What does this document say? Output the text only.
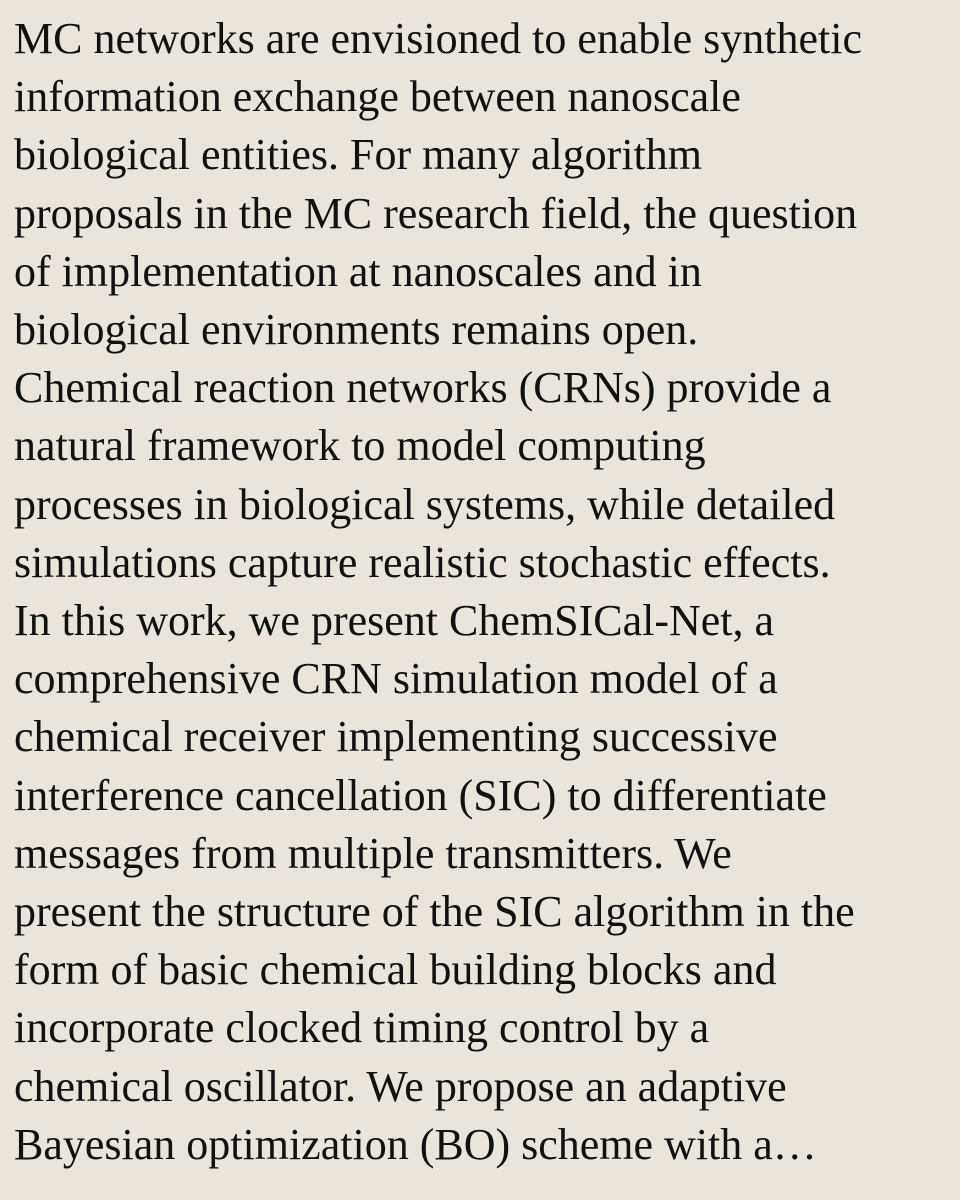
MC networks are envisioned to enable synthetic
information exchange between nanoscale
biological entities. For many algorithm
proposals in the MC research field, the question
of implementation at nanoscales and in
biological environments remains open.
Chemical reaction networks (CRNs) provide a
natural framework to model computing
processes in biological systems, while detailed
simulations capture realistic stochastic effects.
In this work, we present ChemSICal-Net, a
comprehensive CRN simulation model of a
chemical receiver implementing successive
interference cancellation (SIC) to differentiate
messages from multiple transmitters. We
present the structure of the SIC algorithm in the
form of basic chemical building blocks and
incorporate clocked timing control by a
chemical oscillator. We propose an adaptive
Bayesian optimization (BO) scheme with a…
